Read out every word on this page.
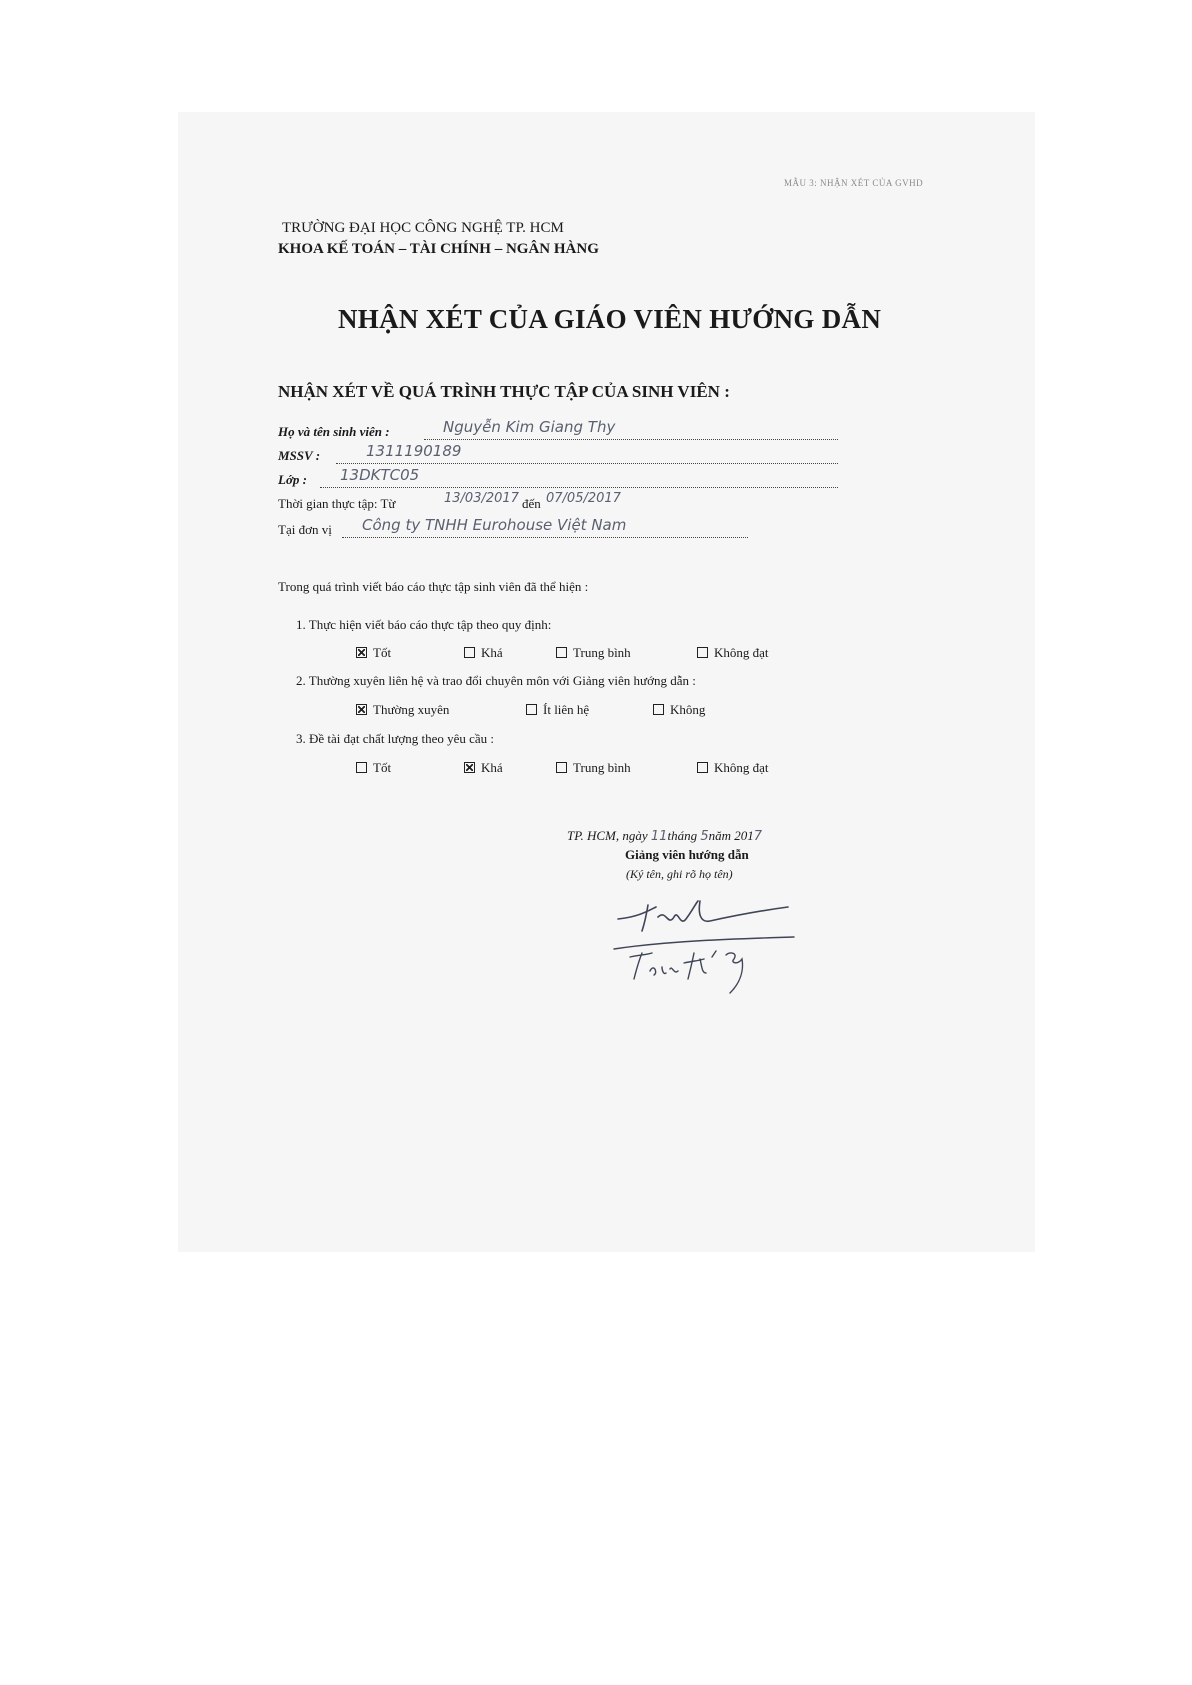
MẪU 3: NHẬN XÉT CỦA GVHD
TRƯỜNG ĐẠI HỌC CÔNG NGHỆ TP. HCM
KHOA KẾ TOÁN – TÀI CHÍNH – NGÂN HÀNG
NHẬN XÉT CỦA GIÁO VIÊN HƯỚNG DẪN
NHẬN XÉT VỀ QUÁ TRÌNH THỰC TẬP CỦA SINH VIÊN :
Họ và tên sinh viên :	Nguyễn Kim Giang Thy
MSSV :	1311190189
Lớp : 13DKTC05
Thời gian thực tập: Từ	13/03/2017 đến 07/05/2017
Tại đơn vị Công ty TNHH Eurohouse Việt Nam
Trong quá trình viết báo cáo thực tập sinh viên đã thể hiện :
1. Thực hiện viết báo cáo thực tập theo quy định:
Tốt	Khá	Trung bình	Không đạt
2. Thường xuyên liên hệ và trao đổi chuyên môn với Giảng viên hướng dẫn :
Thường xuyên	Ít liên hệ	Không
3. Đề tài đạt chất lượng theo yêu cầu :
Tốt	Khá	Trung bình	Không đạt
TP. HCM, ngày 11tháng 5năm 2017
Giảng viên hướng dẫn
(Ký tên, ghi rõ họ tên)
